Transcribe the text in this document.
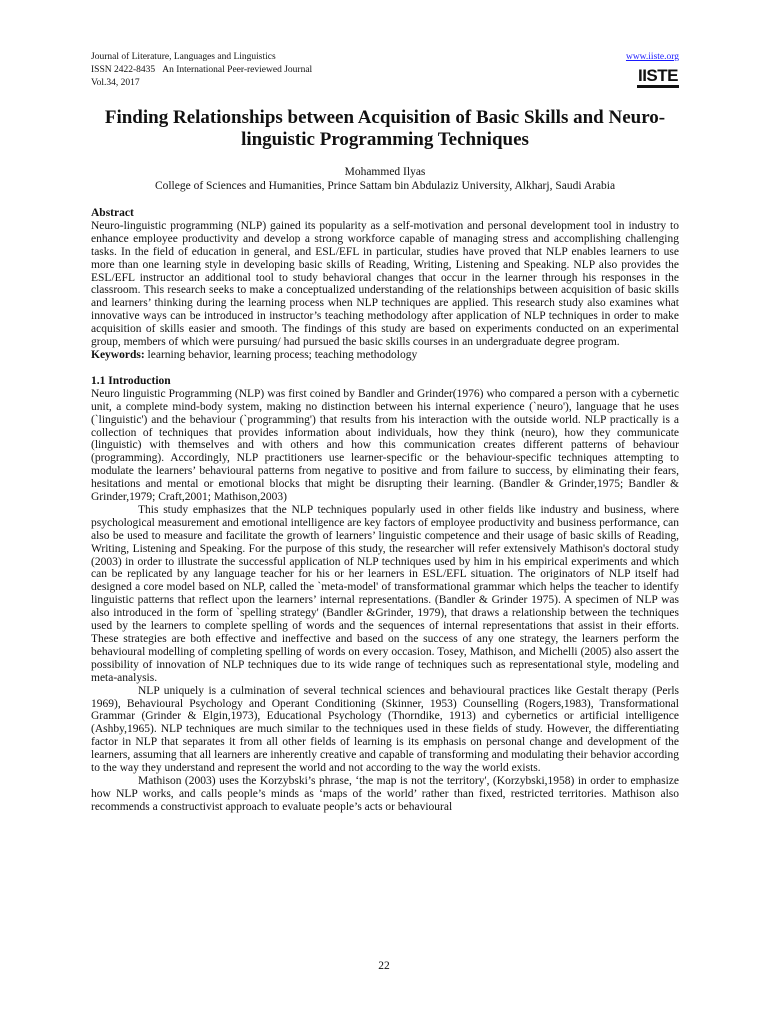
Journal of Literature, Languages and Linguistics
ISSN 2422-8435 An International Peer-reviewed Journal
Vol.34, 2017
www.iiste.org
IISTE
Finding Relationships between Acquisition of Basic Skills and Neuro-linguistic Programming Techniques
Mohammed Ilyas
College of Sciences and Humanities, Prince Sattam bin Abdulaziz University, Alkharj, Saudi Arabia

Abstract

Neuro-linguistic programming (NLP) gained its popularity as a self-motivation and personal development tool in industry to enhance employee productivity and develop a strong workforce capable of managing stress and accomplishing challenging tasks. In the field of education in general, and ESL/EFL in particular, studies have proved that NLP enables learners to use more than one learning style in developing basic skills of Reading, Writing, Listening and Speaking. NLP also provides the ESL/EFL instructor an additional tool to study behavioral changes that occur in the learner through his responses in the classroom. This research seeks to make a conceptualized understanding of the relationships between acquisition of basic skills and learners’ thinking during the learning process when NLP techniques are applied. This research study also examines what innovative ways can be introduced in instructor’s teaching methodology after application of NLP techniques in order to make acquisition of skills easier and smooth. The findings of this study are based on experiments conducted on an experimental group, members of which were pursuing/ had pursued the basic skills courses in an undergraduate degree program.

Keywords: learning behavior, learning process; teaching methodology

1.1 Introduction

Neuro linguistic Programming (NLP) was first coined by Bandler and Grinder(1976) who compared a person with a cybernetic unit, a complete mind-body system, making no distinction between his internal experience (`neuro'), language that he uses (`linguistic') and the behaviour (`programming') that results from his interaction with the outside world. NLP practically is a collection of techniques that provides information about individuals, how they think (neuro), how they communicate (linguistic) with themselves and with others and how this communication creates different patterns of behaviour (programming). Accordingly, NLP practitioners use learner-specific or the behaviour-specific techniques attempting to modulate the learners’ behavioural patterns from negative to positive and from failure to success, by eliminating their fears, hesitations and mental or emotional blocks that might be disrupting their learning. (Bandler & Grinder,1975; Bandler & Grinder,1979; Craft,2001; Mathison,2003)

This study emphasizes that the NLP techniques popularly used in other fields like industry and business, where psychological measurement and emotional intelligence are key factors of employee productivity and business performance, can also be used to measure and facilitate the growth of learners’ linguistic competence and their usage of basic skills of Reading, Writing, Listening and Speaking. For the purpose of this study, the researcher will refer extensively Mathison's doctoral study (2003) in order to illustrate the successful application of NLP techniques used by him in his empirical experiments and which can be replicated by any language teacher for his or her learners in ESL/EFL situation. The originators of NLP itself had designed a core model based on NLP, called the `meta-model' of transformational grammar which helps the teacher to identify linguistic patterns that reflect upon the learners’ internal representations. (Bandler & Grinder 1975). A specimen of NLP was also introduced in the form of `spelling strategy' (Bandler &Grinder, 1979), that draws a relationship between the techniques used by the learners to complete spelling of words and the sequences of internal representations that assist in their efforts. These strategies are both effective and ineffective and based on the success of any one strategy, the learners perform the behavioural modelling of completing spelling of words on every occasion. Tosey, Mathison, and Michelli (2005) also assert the possibility of innovation of NLP techniques due to its wide range of techniques such as representational style, modeling and meta-analysis.

NLP uniquely is a culmination of several technical sciences and behavioural practices like Gestalt therapy (Perls 1969), Behavioural Psychology and Operant Conditioning (Skinner, 1953) Counselling (Rogers,1983), Transformational Grammar (Grinder & Elgin,1973), Educational Psychology (Thorndike, 1913) and cybernetics or artificial intelligence (Ashby,1965). NLP techniques are much similar to the techniques used in these fields of study. However, the differentiating factor in NLP that separates it from all other fields of learning is its emphasis on personal change and development of the learners, assuming that all learners are inherently creative and capable of transforming and modulating their behavior according to the way they understand and represent the world and not according to the way the world exists.

Mathison (2003) uses the Korzybski’s phrase, ‘the map is not the territory', (Korzybski,1958) in order to emphasize how NLP works, and calls people’s minds as ‘maps of the world’ rather than fixed, restricted territories. Mathison also recommends a constructivist approach to evaluate people’s acts or behavioural

22
